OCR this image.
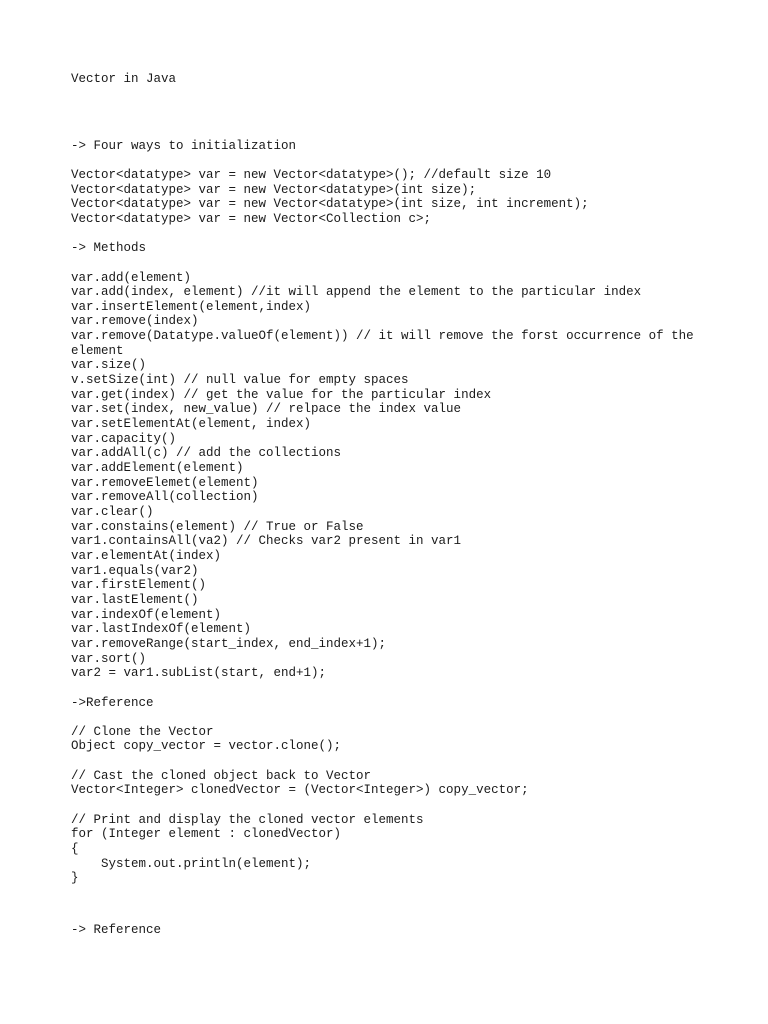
Vector in Java
-> Four ways to initialization
Vector<datatype> var = new Vector<datatype>(); //default size 10
Vector<datatype> var = new Vector<datatype>(int size);
Vector<datatype> var = new Vector<datatype>(int size, int increment);
Vector<datatype> var = new Vector<Collection c>;
-> Methods
var.add(element)
var.add(index, element) //it will append the element to the particular index
var.insertElement(element,index)
var.remove(index)
var.remove(Datatype.valueOf(element)) // it will remove the forst occurrence of the
element
var.size()
v.setSize(int) // null value for empty spaces
var.get(index) // get the value for the particular index
var.set(index, new_value) // relpace the index value
var.setElementAt(element, index)
var.capacity()
var.addAll(c) // add the collections
var.addElement(element)
var.removeElemet(element)
var.removeAll(collection)
var.clear()
var.constains(element) // True or False
var1.containsAll(va2) // Checks var2 present in var1
var.elementAt(index)
var1.equals(var2)
var.firstElement()
var.lastElement()
var.indexOf(element)
var.lastIndexOf(element)
var.removeRange(start_index, end_index+1);
var.sort()
var2 = var1.subList(start, end+1);
->Reference
// Clone the Vector
Object copy_vector = vector.clone();
// Cast the cloned object back to Vector
Vector<Integer> clonedVector = (Vector<Integer>) copy_vector;
// Print and display the cloned vector elements
for (Integer element : clonedVector)
{
System.out.println(element);
}
-> Reference
